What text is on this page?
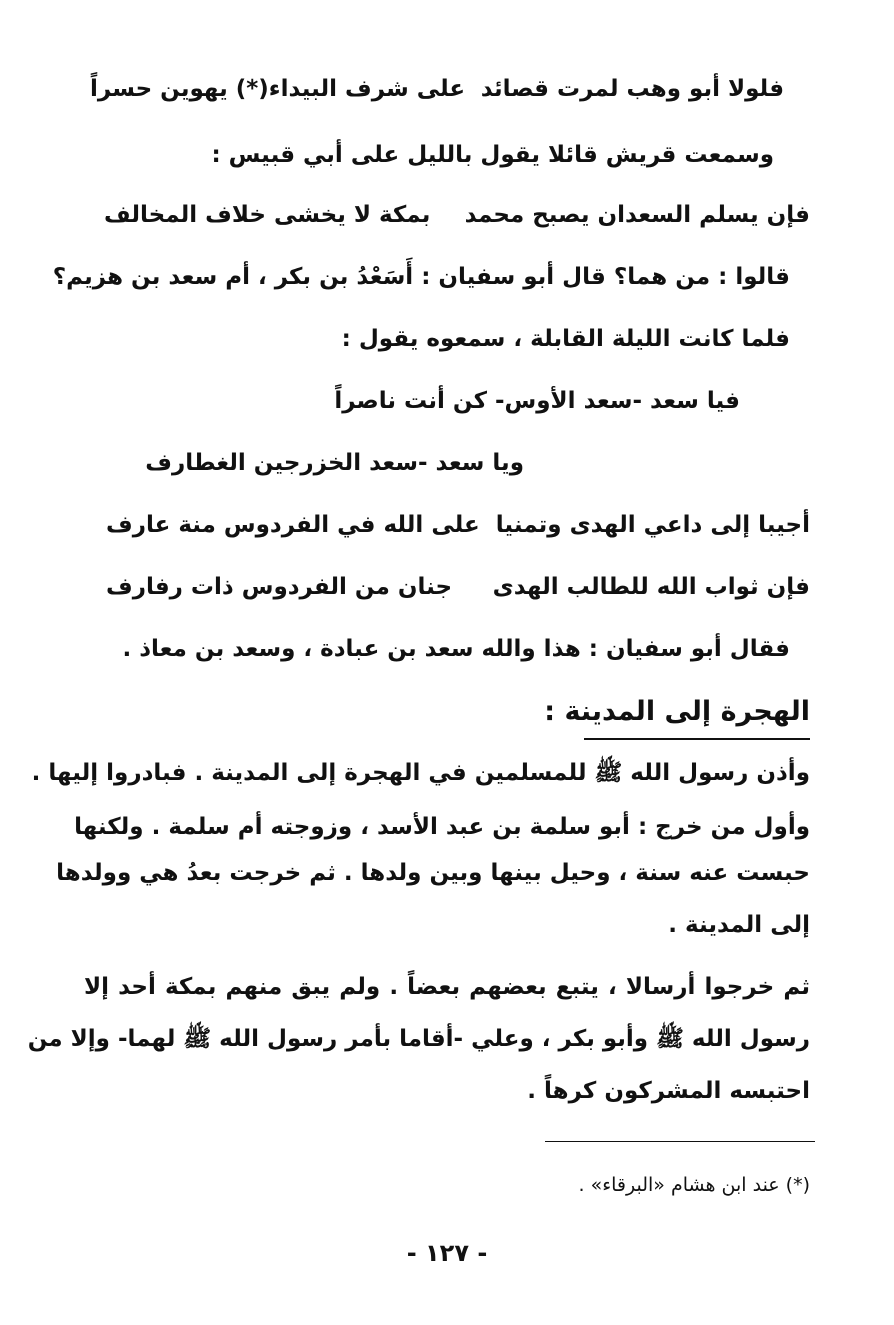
فلولا أبو وهب لمرت قصائد
على شرف البيداء(*) يهوين حسراً
وسمعت قريش قائلا يقول بالليل على أبي قبيس :
فإن يسلم السعدان يصبح محمد
بمكة لا يخشى خلاف المخالف
قالوا : من هما؟ قال أبو سفيان : أَسَعْدُ بن بكر ، أم سعد بن هزيم؟
فلما كانت الليلة القابلة ، سمعوه يقول :
فيا سعد -سعد الأوس- كن أنت ناصراً
ويا سعد -سعد الخزرجين الغطارف
أجيبا إلى داعي الهدى وتمنيا
على الله في الفردوس منة عارف
فإن ثواب الله للطالب الهدى
جنان من الفردوس ذات رفارف
فقال أبو سفيان : هذا والله سعد بن عبادة ، وسعد بن معاذ .
الهجرة إلى المدينة :
وأذن رسول الله ﷺ للمسلمين في الهجرة إلى المدينة . فبادروا إليها .
وأول من خرج : أبو سلمة بن عبد الأسد ، وزوجته أم سلمة . ولكنها
حبست عنه سنة ، وحيل بينها وبين ولدها . ثم خرجت بعدُ هي وولدها
إلى المدينة .
ثم خرجوا أرسالا ، يتبع بعضهم بعضاً . ولم يبق منهم بمكة أحد إلا
رسول الله ﷺ وأبو بكر ، وعلي -أقاما بأمر رسول الله ﷺ لهما- وإلا من
احتبسه المشركون كرهاً .
(*) عند ابن هشام «البرقاء» .
- ١٢٧ -
